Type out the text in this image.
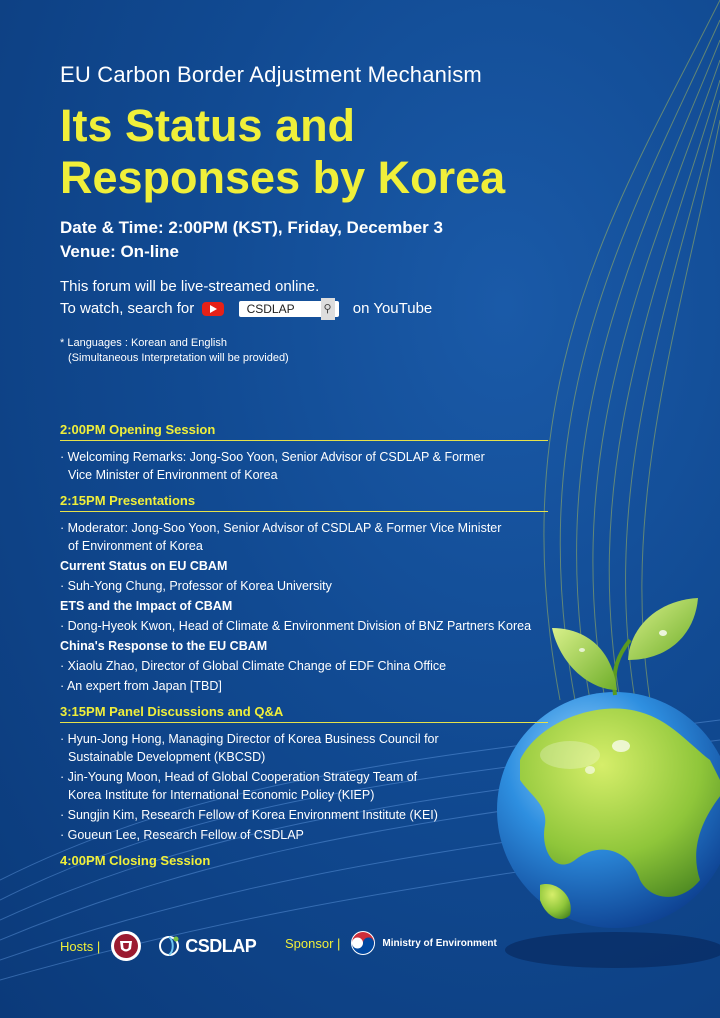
EU Carbon Border Adjustment Mechanism
Its Status and
Responses by Korea
Date & Time: 2:00PM (KST), Friday, December 3
Venue: On-line
This forum will be live-streamed online.
To watch, search for	CSDLAP	⚲ on YouTube
* Languages : Korean and English
(Simultaneous Interpretation will be provided)
2:00PM Opening Session
· Welcoming Remarks: Jong-Soo Yoon, Senior Advisor of CSDLAP & Former
Vice Minister of Environment of Korea
2:15PM Presentations
· Moderator: Jong-Soo Yoon, Senior Advisor of CSDLAP & Former Vice Minister
of Environment of Korea
Current Status on EU CBAM
· Suh-Yong Chung, Professor of Korea University
ETS and the Impact of CBAM
· Dong-Hyeok Kwon, Head of Climate & Environment Division of BNZ Partners Korea
China's Response to the EU CBAM
· Xiaolu Zhao, Director of Global Climate Change of EDF China Office
· An expert from Japan [TBD]
3:15PM Panel Discussions and Q&A
· Hyun-Jong Hong, Managing Director of Korea Business Council for
Sustainable Development (KBCSD)
· Jin-Young Moon, Head of Global Cooperation Strategy Team of
Korea Institute for International Economic Policy (KIEP)
· Sungjin Kim, Research Fellow of Korea Environment Institute (KEI)
· Goueun Lee, Research Fellow of CSDLAP
4:00PM Closing Session
Hosts |	CSDLAP Sponsor |	Ministry of Environment
